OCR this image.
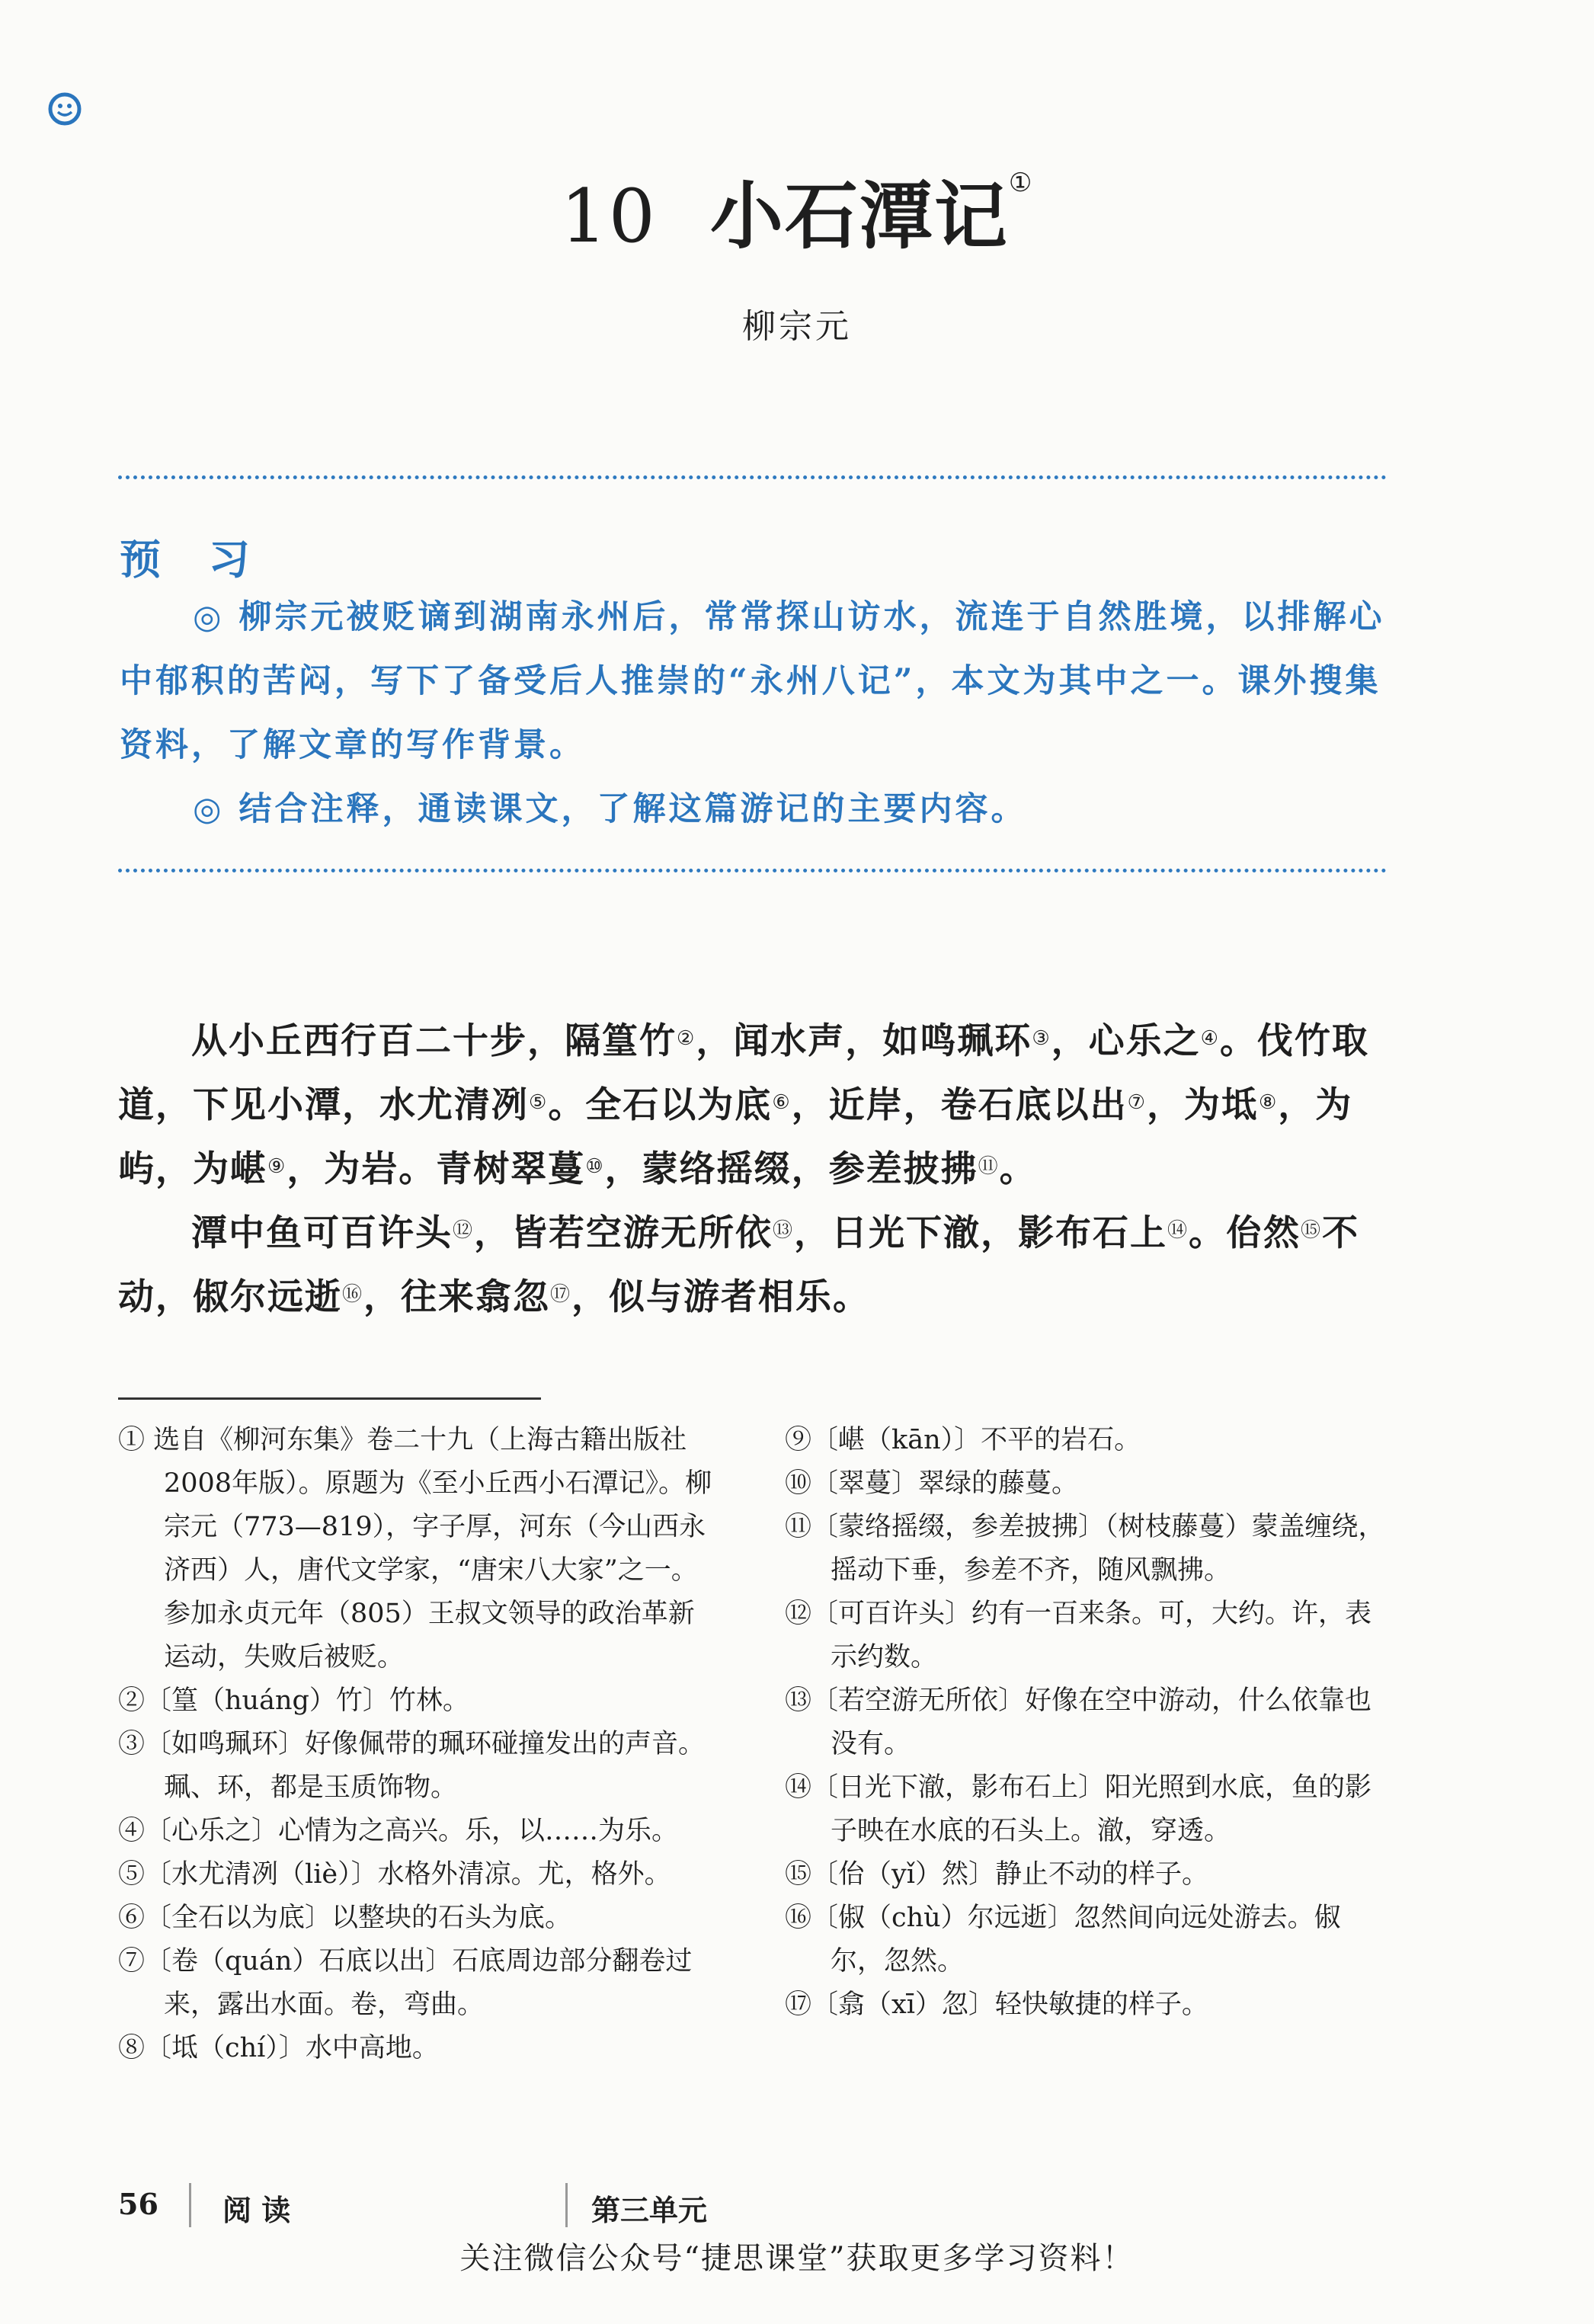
10 小石潭记①
柳宗元
预 习

◎ 柳宗元被贬谪到湖南永州后，常常探山访水，流连于自然胜境，以排解心中郁积的苦闷，写下了备受后人推崇的“永州八记”，本文为其中之一。课外搜集资料，了解文章的写作背景。

◎ 结合注释，通读课文，了解这篇游记的主要内容。

从小丘西行百二十步，隔篁竹②，闻水声，如鸣珮环③，心乐之④。伐竹取道，下见小潭，水尤清冽⑤。全石以为底⑥，近岸，卷石底以出⑦，为坻⑧，为屿，为嵁⑨，为岩。青树翠蔓⑩，蒙络摇缀，参差披拂⑪。

潭中鱼可百许头⑫，皆若空游无所依⑬，日光下澈，影布石上⑭。佁然⑮不动，俶尔远逝⑯，往来翕忽⑰，似与游者相乐。

① 选自《柳河东集》卷二十九（上海古籍出版社2008年版）。原题为《至小丘西小石潭记》。柳宗元（773—819），字子厚，河东（今山西永济西）人，唐代文学家，“唐宋八大家”之一。参加永贞元年（805）王叔文领导的政治革新运动，失败后被贬。
②〔篁（huáng）竹〕竹林。
③〔如鸣珮环〕好像佩带的珮环碰撞发出的声音。珮、环，都是玉质饰物。
④〔心乐之〕心情为之高兴。乐，以……为乐。
⑤〔水尤清冽（liè）〕水格外清凉。尤，格外。
⑥〔全石以为底〕以整块的石头为底。
⑦〔卷（quán）石底以出〕石底周边部分翻卷过来，露出水面。卷，弯曲。
⑧〔坻（chí）〕水中高地。
⑨〔嵁（kān）〕不平的岩石。
⑩〔翠蔓〕翠绿的藤蔓。
⑪〔蒙络摇缀，参差披拂〕（树枝藤蔓）蒙盖缠绕，摇动下垂，参差不齐，随风飘拂。
⑫〔可百许头〕约有一百来条。可，大约。许，表示约数。
⑬〔若空游无所依〕好像在空中游动，什么依靠也没有。
⑭〔日光下澈，影布石上〕阳光照到水底，鱼的影子映在水底的石头上。澈，穿透。
⑮〔佁（yǐ）然〕静止不动的样子。
⑯〔俶（chù）尔远逝〕忽然间向远处游去。俶尔，忽然。
⑰〔翕（xī）忽〕轻快敏捷的样子。
56 阅 读	第三单元
关注微信公众号“捷思课堂”获取更多学习资料！
